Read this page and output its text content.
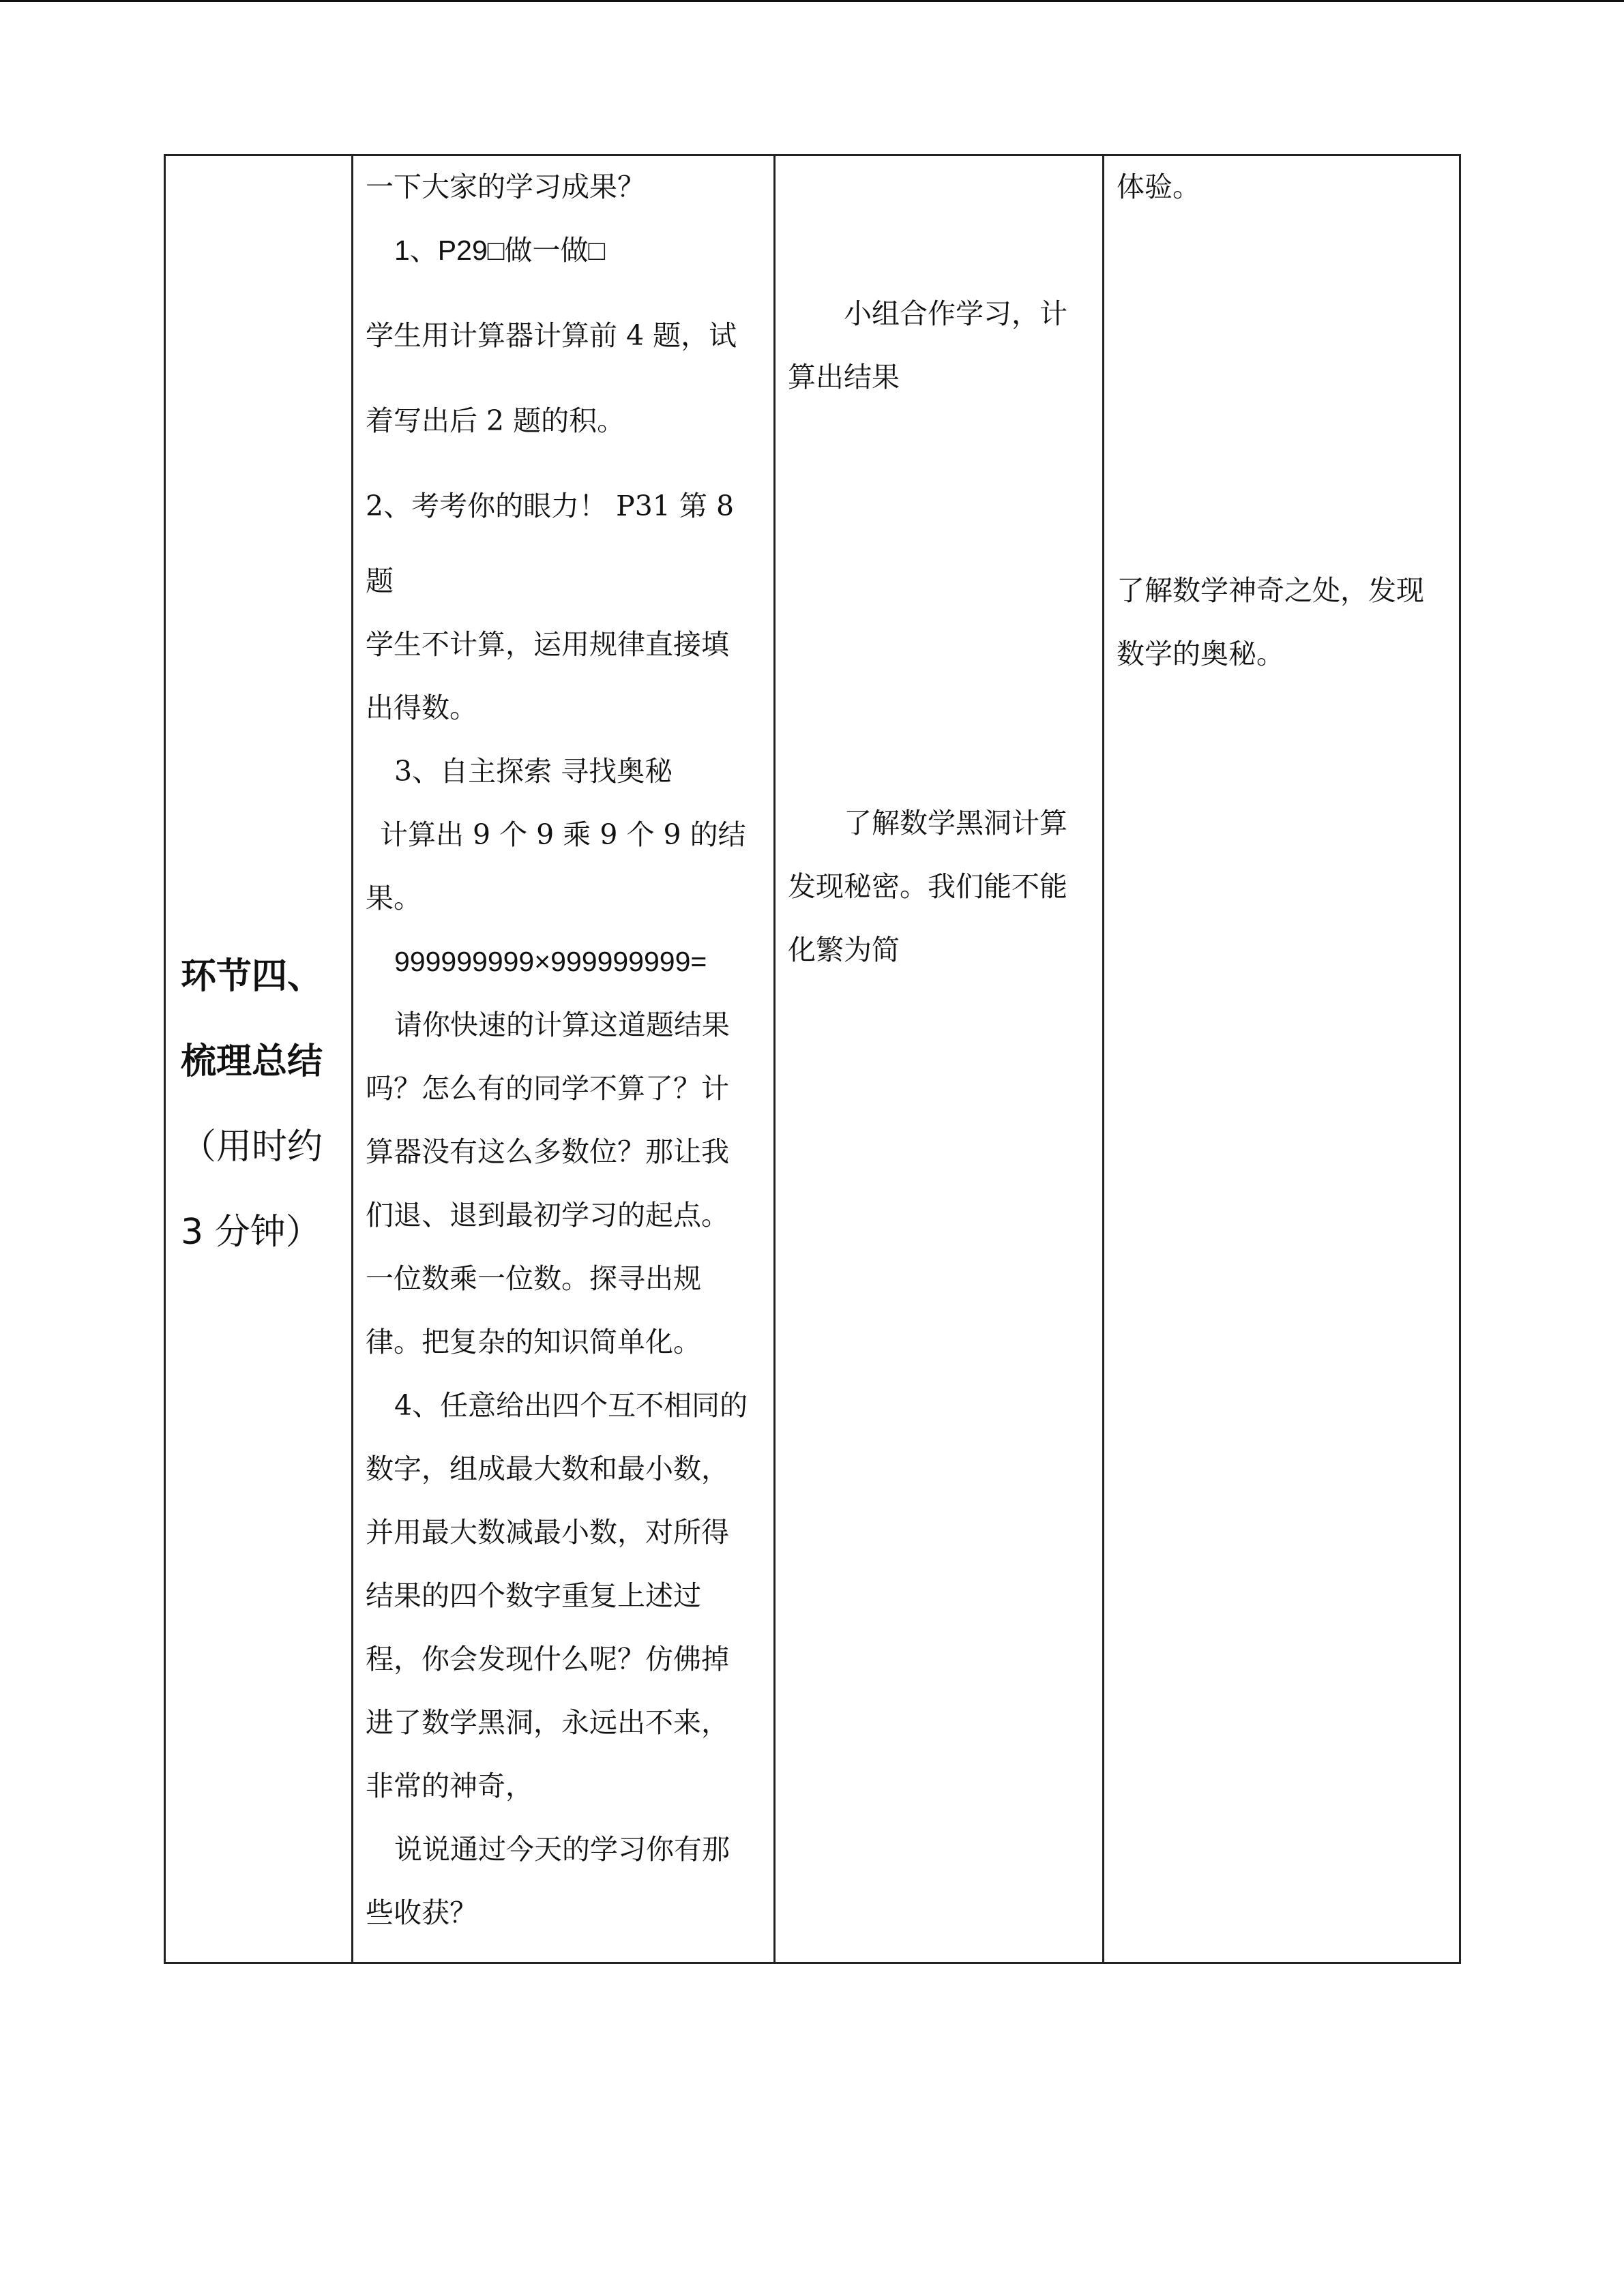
环节四、
梳理总结
（用时约
3 分钟）
一下大家的学习成果？
1、P29□做一做□
学生用计算器计算前 4 题，试
着写出后 2 题的积。
2、考考你的眼力！ P31 第 8
题
学生不计算，运用规律直接填
出得数。
3、自主探索 寻找奥秘
计算出 9 个 9 乘 9 个 9 的结
果。
999999999×999999999=
请你快速的计算这道题结果
吗？怎么有的同学不算了？计
算器没有这么多数位？那让我
们退、退到最初学习的起点。
一位数乘一位数。探寻出规
律。把复杂的知识简单化。
4、任意给出四个互不相同的
数字，组成最大数和最小数，
并用最大数减最小数，对所得
结果的四个数字重复上述过
程，你会发现什么呢？仿佛掉
进了数学黑洞，永远出不来，
非常的神奇，
说说通过今天的学习你有那
些收获？
小组合作学习，计
算出结果
了解数学黑洞计算
发现秘密。我们能不能
化繁为简
体验。
了解数学神奇之处，发现
数学的奥秘。
